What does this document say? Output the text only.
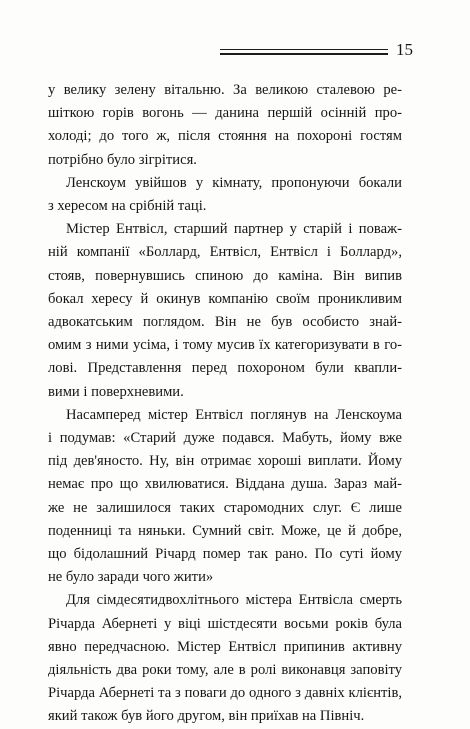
15
у велику зелену вітальню. За великою сталевою ре-
шіткою горів вогонь — данина першій осінній про-
холоді; до того ж, після стояння на похороні гостям
потрібно було зігрітися.
Ленскоум увійшов у кімнату, пропонуючи бокали
з хересом на срібній таці.
Містер Ентвісл, старший партнер у старій і поваж-
ній компанії «Боллард, Ентвісл, Ентвісл і Боллард»,
стояв, повернувшись спиною до каміна. Він випив
бокал хересу й окинув компанію своїм проникливим
адвокатським поглядом. Він не був особисто знай-
омим з ними усіма, і тому мусив їх категоризувати в го-
лові. Представлення перед похороном були квапли-
вими і поверхневими.
Насамперед містер Ентвісл поглянув на Ленскоума
і подумав: «Старий дуже подався. Мабуть, йому вже
під дев'яносто. Ну, він отримає хороші виплати. Йому
немає про що хвилюватися. Віддана душа. Зараз май-
же не залишилося таких старомодних слуг. Є лише
поденниці та няньки. Сумний світ. Може, це й добре,
що бідолашний Річард помер так рано. По суті йому
не було заради чого жити»
Для сімдесятидвохлітнього містера Ентвісла смерть
Річарда Абернеті у віці шістдесяти восьми років була
явно передчасною. Містер Ентвісл припинив активну
діяльність два роки тому, але в ролі виконавця заповіту
Річарда Абернеті та з поваги до одного з давніх клієнтів,
який також був його другом, він приїхав на Північ.
